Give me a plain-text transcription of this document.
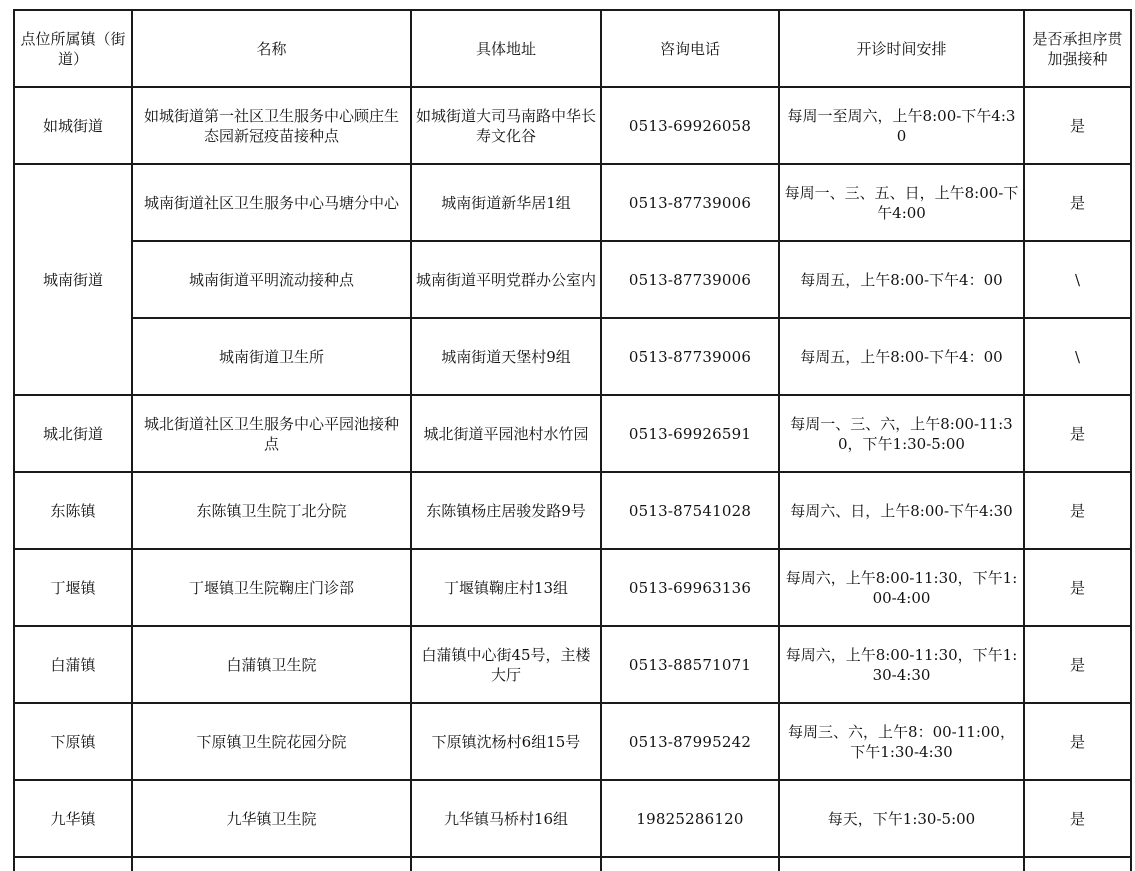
点位所属镇（街道）	名称	具体地址	咨询电话	开诊时间安排	是否承担序贯加强接种
如城街道	如城街道第一社区卫生服务中心顾庄生态园新冠疫苗接种点	如城街道大司马南路中华长寿文化谷	0513-69926058	每周一至周六，上午8:00-下午4:30	是
城南街道	城南街道社区卫生服务中心马塘分中心	城南街道新华居1组	0513-87739006	每周一、三、五、日，上午8:00-下午4:00	是
	城南街道平明流动接种点	城南街道平明党群办公室内	0513-87739006	每周五，上午8:00-下午4：00	\
	城南街道卫生所	城南街道天堡村9组	0513-87739006	每周五，上午8:00-下午4：00	\
城北街道	城北街道社区卫生服务中心平园池接种点	城北街道平园池村水竹园	0513-69926591	每周一、三、六，上午8:00-11:30，下午1:30-5:00	是
东陈镇	东陈镇卫生院丁北分院	东陈镇杨庄居骏发路9号	0513-87541028	每周六、日，上午8:00-下午4:30	是
丁堰镇	丁堰镇卫生院鞠庄门诊部	丁堰镇鞠庄村13组	0513-69963136	每周六，上午8:00-11:30，下午1:00-4:00	是
白蒲镇	白蒲镇卫生院	白蒲镇中心街45号，主楼大厅	0513-88571071	每周六，上午8:00-11:30，下午1:30-4:30	是
下原镇	下原镇卫生院花园分院	下原镇沈杨村6组15号	0513-87995242	每周三、六，上午8：00-11:00，下午1:30-4:30	是
九华镇	九华镇卫生院	九华镇马桥村16组	19825286120	每天，下午1:30-5:00	是
